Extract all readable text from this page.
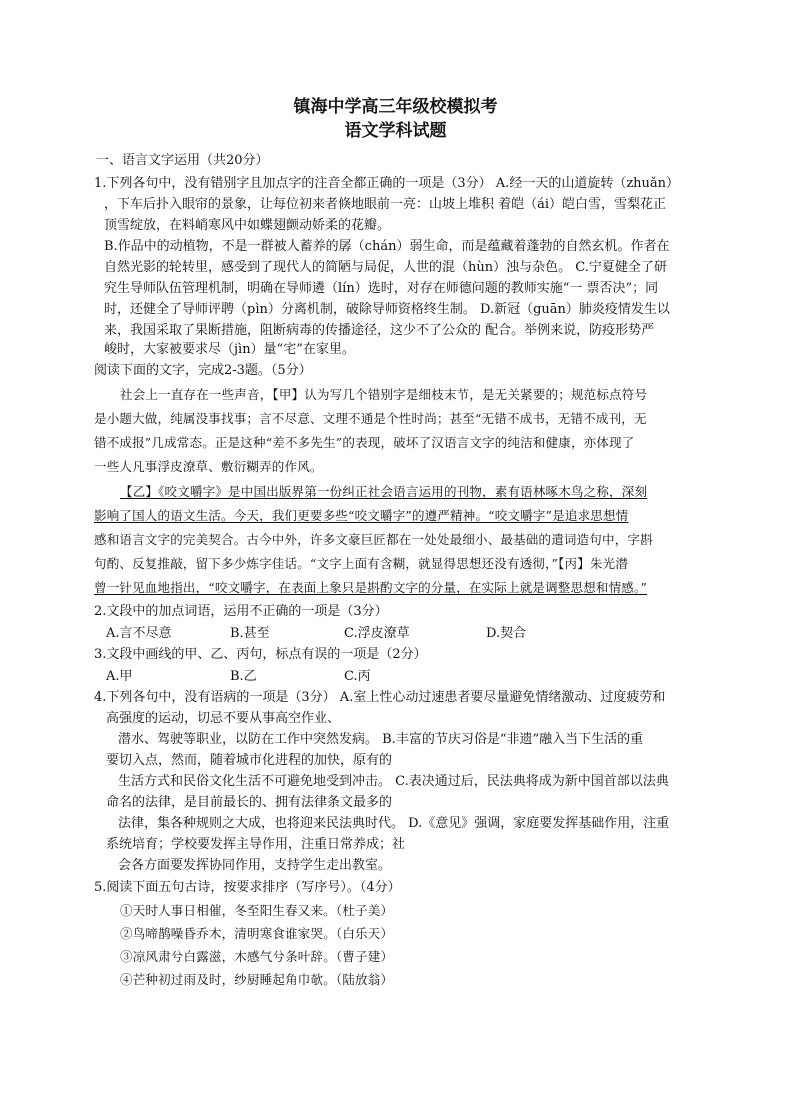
镇海中学高三年级校模拟考
语文学科试题
一、语言文字运用（共20分）
1.下列各句中，没有错别字且加点字的注音全都正确的一项是（3分） A.经一天的山道旋转（zhuǎn）
，下车后扑入眼帘的景象，让每位初来者倏地眼前一亮：山坡上堆积 着皑（ái）皑白雪，雪梨花正
顶雪绽放，在料峭寒风中如蝶翅颤动娇柔的花瓣。
B.作品中的动植物，不是一群被人蓄养的孱（chán）弱生命，而是蕴藏着蓬勃的自然玄机。作者在
自然光影的轮转里，感受到了现代人的简陋与局促，人世的混（hùn）浊与杂色。 C.宁夏健全了研
究生导师队伍管理机制，明确在导师遴（lín）选时，对存在师德问题的教师实施“一 票否决”；同
时，还健全了导师评聘（pìn）分离机制，破除导师资格终生制。 D.新冠（guān）肺炎疫情发生以
来，我国采取了果断措施，阻断病毒的传播途径，这少不了公众的 配合。举例来说，防疫形势严
峻时，大家被要求尽（jìn）量“宅”在家里。
阅读下面的文字，完成2-3题。（5分）
社会上一直存在一些声音，【甲】认为写几个错别字是细枝末节，是无关紧要的；规范标点符号
是小题大做，纯属没事找事；言不尽意、文理不通是个性时尚；甚至“无错不成书，无错不成刊，无
错不成报”几成常态。正是这种“差不多先生”的表现，破坏了汉语言文字的纯洁和健康，亦体现了
一些人凡事浮皮潦草、敷衍糊弄的作风。
【乙】《咬文嚼字》是中国出版界第一份纠正社会语言运用的刊物，素有语林啄木鸟之称，深刻
影响了国人的语文生活。今天，我们更要多些“咬文嚼字”的遵严精神。“咬文嚼字”是追求思想情
感和语言文字的完美契合。古今中外，许多文豪巨匠都在一处处最细小、最基础的遣词造句中，字斟
句酌、反复推敲，留下多少炼字佳话。“文字上面有含糊，就显得思想还没有透彻，”【丙】朱光潜
曾一针见血地指出，“咬文嚼字，在表面上象只是斟酌文字的分量，在实际上就是调整思想和情感。”
2.文段中的加点词语，运用不正确的一项是（3分）
A.言不尽意	B.甚至	C.浮皮潦草	D.契合
3.文段中画线的甲、乙、丙句，标点有误的一项是（2分）
A.甲	B.乙	C.丙
4.下列各句中，没有语病的一项是（3分） A.室上性心动过速患者要尽量避免情绪激动、过度疲劳和
高强度的运动，切忌不要从事高空作业、
潜水、驾驶等职业，以防在工作中突然发病。 B.丰富的节庆习俗是“非遗”融入当下生活的重
要切入点，然而，随着城市化进程的加快，原有的
生活方式和民俗文化生活不可避免地受到冲击。 C.表决通过后，民法典将成为新中国首部以法典
命名的法律，是目前最长的、拥有法律条文最多的
法律，集各种规则之大成，也将迎来民法典时代。 D.《意见》强调，家庭要发挥基础作用，注重
系统培育；学校要发挥主导作用，注重日常养成；社
会各方面要发挥协同作用，支持学生走出教室。
5.阅读下面五句古诗，按要求排序（写序号）。（4分）
①天时人事日相催，冬至阳生春又来。（杜子美）
②鸟啼鹊噪昏乔木，清明寒食谁家哭。（白乐天）
③凉风肃兮白露滋，木感气兮条叶辞。（曹子建）
④芒种初过雨及时，纱厨睡起角巾欹。（陆放翁）
